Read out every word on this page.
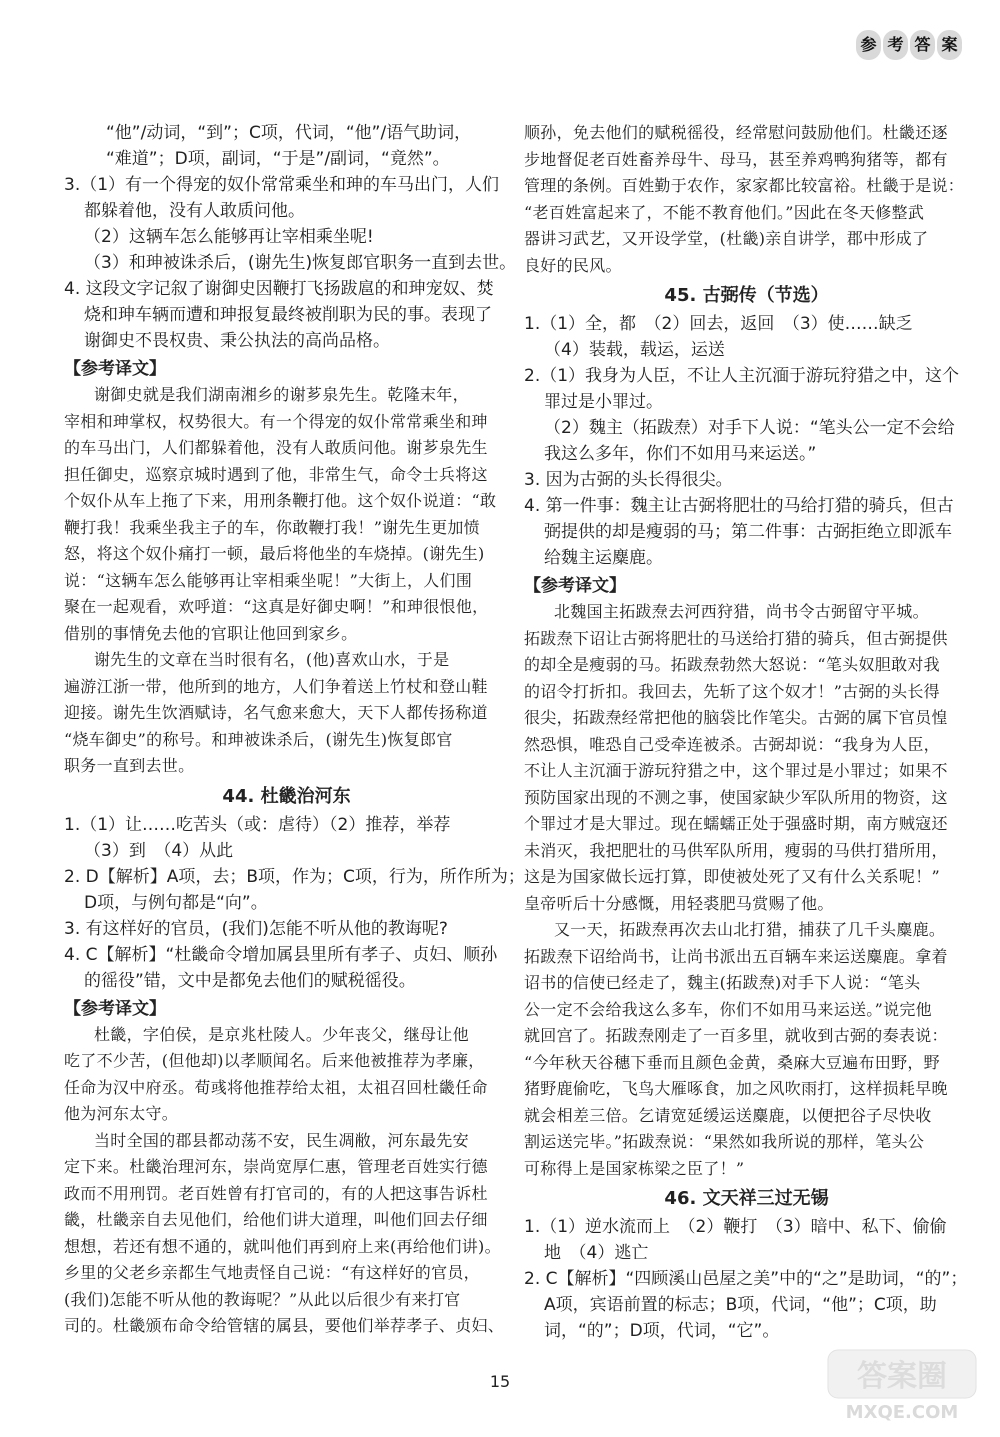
参 考 答 案
“他”/动词，“到”；C项，代词，“他”/语气助词，
“难道”；D项，副词，“于是”/副词，“竟然”。
3.（1）有一个得宠的奴仆常常乘坐和珅的车马出门，人们
都躲着他，没有人敢质问他。
（2）这辆车怎么能够再让宰相乘坐呢!
（3）和珅被诛杀后，(谢先生)恢复郎官职务一直到去世。
4. 这段文字记叙了谢御史因鞭打飞扬跋扈的和珅宠奴、焚
烧和珅车辆而遭和珅报复最终被削职为民的事。表现了
谢御史不畏权贵、秉公执法的高尚品格。
【参考译文】
谢御史就是我们湖南湘乡的谢芗泉先生。乾隆末年，
宰相和珅掌权，权势很大。有一个得宠的奴仆常常乘坐和珅
的车马出门，人们都躲着他，没有人敢质问他。谢芗泉先生
担任御史，巡察京城时遇到了他，非常生气，命令士兵将这
个奴仆从车上拖了下来，用刑条鞭打他。这个奴仆说道：“敢
鞭打我！我乘坐我主子的车，你敢鞭打我！”谢先生更加愤
怒，将这个奴仆痛打一顿，最后将他坐的车烧掉。(谢先生)
说：“这辆车怎么能够再让宰相乘坐呢！”大街上，人们围
聚在一起观看，欢呼道：“这真是好御史啊！”和珅很恨他，
借别的事情免去他的官职让他回到家乡。
谢先生的文章在当时很有名，(他)喜欢山水，于是
遍游江浙一带，他所到的地方，人们争着送上竹杖和登山鞋
迎接。谢先生饮酒赋诗，名气愈来愈大，天下人都传扬称道
“烧车御史”的称号。和珅被诛杀后，(谢先生)恢复郎官
职务一直到去世。
44. 杜畿治河东
1.（1）让……吃苦头（或：虐待）（2）推荐，举荐
（3）到　（4）从此
2. D【解析】A项，去；B项，作为；C项，行为，所作所为；
D项，与例句都是“向”。
3. 有这样好的官员，(我们)怎能不听从他的教诲呢?
4. C【解析】“杜畿命令增加属县里所有孝子、贞妇、顺孙
的徭役”错，文中是都免去他们的赋税徭役。
【参考译文】
杜畿，字伯侯，是京兆杜陵人。少年丧父，继母让他
吃了不少苦，(但他却)以孝顺闻名。后来他被推荐为孝廉，
任命为汉中府丞。荀彧将他推荐给太祖，太祖召回杜畿任命
他为河东太守。
当时全国的郡县都动荡不安，民生凋敝，河东最先安
定下来。杜畿治理河东，崇尚宽厚仁惠，管理老百姓实行德
政而不用刑罚。老百姓曾有打官司的，有的人把这事告诉杜
畿，杜畿亲自去见他们，给他们讲大道理，叫他们回去仔细
想想，若还有想不通的，就叫他们再到府上来(再给他们讲)。
乡里的父老乡亲都生气地责怪自己说：“有这样好的官员，
(我们)怎能不听从他的教诲呢？”从此以后很少有来打官
司的。杜畿颁布命令给管辖的属县，要他们举荐孝子、贞妇、
顺孙，免去他们的赋税徭役，经常慰问鼓励他们。杜畿还逐
步地督促老百姓畜养母牛、母马，甚至养鸡鸭狗猪等，都有
管理的条例。百姓勤于农作，家家都比较富裕。杜畿于是说：
“老百姓富起来了，不能不教育他们。”因此在冬天修整武
器讲习武艺，又开设学堂，(杜畿)亲自讲学，郡中形成了
良好的民风。
45. 古弼传（节选）
1.（1）全，都　（2）回去，返回　（3）使……缺乏
（4）装载，载运，运送
2.（1）我身为人臣，不让人主沉湎于游玩狩猎之中，这个
罪过是小罪过。
（2）魏主（拓跋焘）对手下人说：“笔头公一定不会给
我这么多年，你们不如用马来运送。”
3. 因为古弼的头长得很尖。
4. 第一件事：魏主让古弼将肥壮的马给打猎的骑兵，但古
弼提供的却是瘦弱的马；第二件事：古弼拒绝立即派车
给魏主运麋鹿。
【参考译文】
北魏国主拓跋焘去河西狩猎，尚书令古弼留守平城。
拓跋焘下诏让古弼将肥壮的马送给打猎的骑兵，但古弼提供
的却全是瘦弱的马。拓跋焘勃然大怒说：“笔头奴胆敢对我
的诏令打折扣。我回去，先斩了这个奴才！”古弼的头长得
很尖，拓跋焘经常把他的脑袋比作笔尖。古弼的属下官员惶
然恐惧，唯恐自己受牵连被杀。古弼却说：“我身为人臣，
不让人主沉湎于游玩狩猎之中，这个罪过是小罪过；如果不
预防国家出现的不测之事，使国家缺少军队所用的物资，这
个罪过才是大罪过。现在蠕蠕正处于强盛时期，南方贼寇还
未消灭，我把肥壮的马供军队所用，瘦弱的马供打猎所用，
这是为国家做长远打算，即使被处死了又有什么关系呢！”
皇帝听后十分感慨，用轻裘肥马赏赐了他。
又一天，拓跋焘再次去山北打猎，捕获了几千头麋鹿。
拓跋焘下诏给尚书，让尚书派出五百辆车来运送麋鹿。拿着
诏书的信使已经走了，魏主(拓跋焘)对手下人说：“笔头
公一定不会给我这么多车，你们不如用马来运送。”说完他
就回宫了。拓跋焘刚走了一百多里，就收到古弼的奏表说：
“今年秋天谷穗下垂而且颜色金黄，桑麻大豆遍布田野，野
猪野鹿偷吃，飞鸟大雁啄食，加之风吹雨打，这样损耗早晚
就会相差三倍。乞请宽延缓运送麋鹿，以便把谷子尽快收
割运送完毕。”拓跋焘说：“果然如我所说的那样，笔头公
可称得上是国家栋梁之臣了！”
46. 文天祥三过无锡
1.（1）逆水流而上　（2）鞭打　（3）暗中、私下、偷偷
地　（4）逃亡
2. C【解析】“四顾溪山邑屋之美”中的“之”是助词，“的”；
A项，宾语前置的标志；B项，代词，“他”；C项，助
词，“的”；D项，代词，“它”。
15	答案圈
MXQE.COM
